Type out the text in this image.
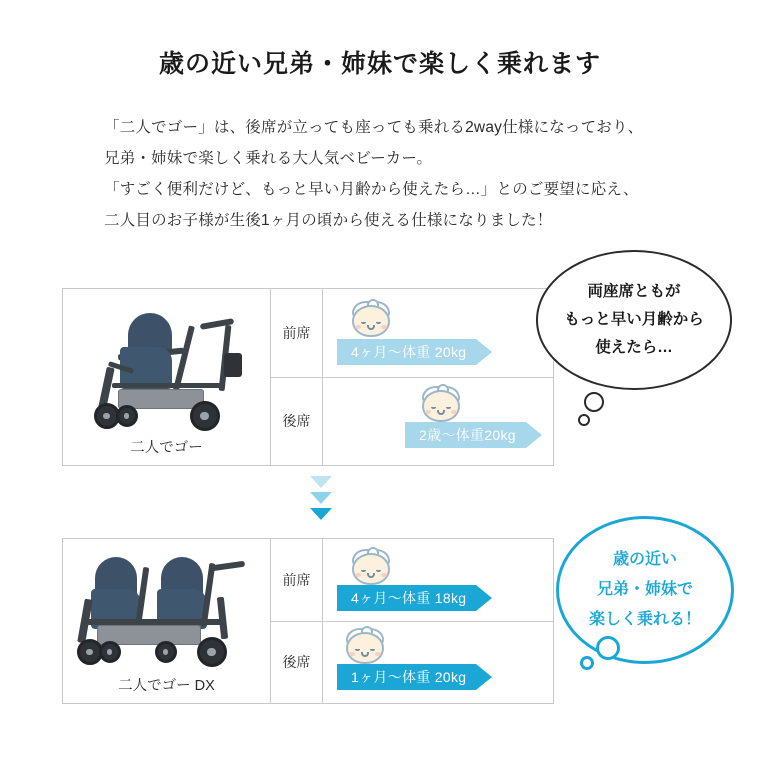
歳の近い兄弟・姉妹で楽しく乗れます
「二人でゴー」は、後席が立っても座っても乗れる2way仕様になっており、
兄弟・姉妹で楽しく乗れる大人気ベビーカー。
「すごく便利だけど、もっと早い月齢から使えたら…」とのご要望に応え、
二人目のお子様が生後1ヶ月の頃から使える仕様になりました！
二人でゴー
前席
4ヶ月〜体重 20kg
後席
2歳〜体重20kg
二人でゴー DX
前席
4ヶ月〜体重 18kg
後席
1ヶ月〜体重 20kg
両座席ともが
もっと早い月齢から
使えたら…
歳の近い
兄弟・姉妹で
楽しく乗れる！
